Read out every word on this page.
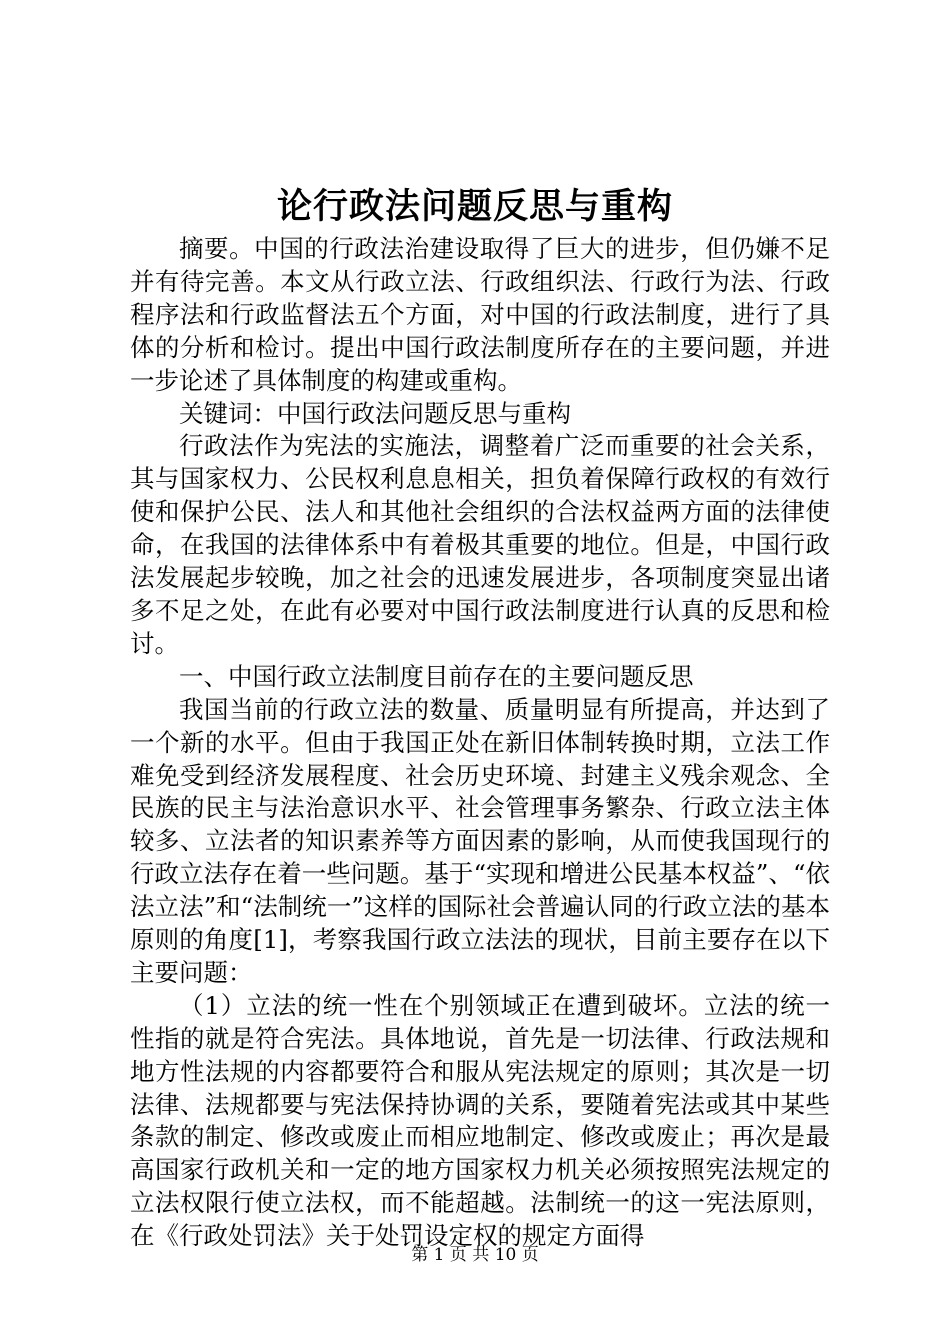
论行政法问题反思与重构

摘要。中国的行政法治建设取得了巨大的进步，但仍嫌不足并有待完善。本文从行政立法、行政组织法、行政行为法、行政程序法和行政监督法五个方面，对中国的行政法制度，进行了具体的分析和检讨。提出中国行政法制度所存在的主要问题，并进一步论述了具体制度的构建或重构。

关键词：中国行政法问题反思与重构

行政法作为宪法的实施法，调整着广泛而重要的社会关系，其与国家权力、公民权利息息相关，担负着保障行政权的有效行使和保护公民、法人和其他社会组织的合法权益两方面的法律使命，在我国的法律体系中有着极其重要的地位。但是，中国行政法发展起步较晚，加之社会的迅速发展进步，各项制度突显出诸多不足之处，在此有必要对中国行政法制度进行认真的反思和检讨。

一、中国行政立法制度目前存在的主要问题反思

我国当前的行政立法的数量、质量明显有所提高，并达到了一个新的水平。但由于我国正处在新旧体制转换时期，立法工作难免受到经济发展程度、社会历史环境、封建主义残余观念、全民族的民主与法治意识水平、社会管理事务繁杂、行政立法主体较多、立法者的知识素养等方面因素的影响，从而使我国现行的行政立法存在着一些问题。基于“实现和增进公民基本权益”、“依法立法”和“法制统一”这样的国际社会普遍认同的行政立法的基本原则的角度[1]，考察我国行政立法法的现状，目前主要存在以下主要问题：

（1）立法的统一性在个别领域正在遭到破坏。立法的统一性指的就是符合宪法。具体地说，首先是一切法律、行政法规和地方性法规的内容都要符合和服从宪法规定的原则；其次是一切法律、法规都要与宪法保持协调的关系，要随着宪法或其中某些条款的制定、修改或废止而相应地制定、修改或废止；再次是最高国家行政机关和一定的地方国家权力机关必须按照宪法规定的立法权限行使立法权，而不能超越。法制统一的这一宪法原则，在《行政处罚法》关于处罚设定权的规定方面得

第 1 页 共 10 页
